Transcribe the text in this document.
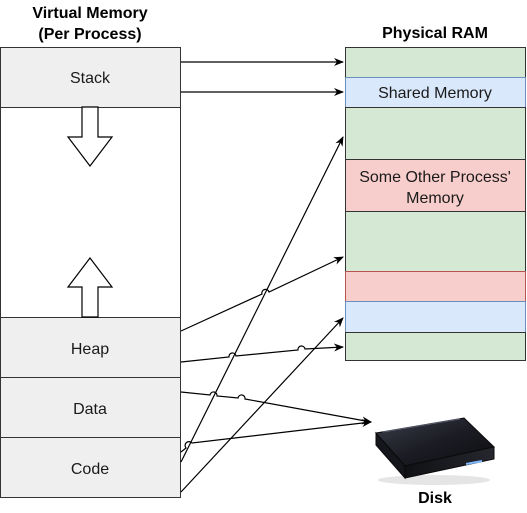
Virtual Memory
(Per Process)
Stack
Heap
Data
Code
Physical RAM
Shared Memory
Some Other Process'
Memory
Disk
